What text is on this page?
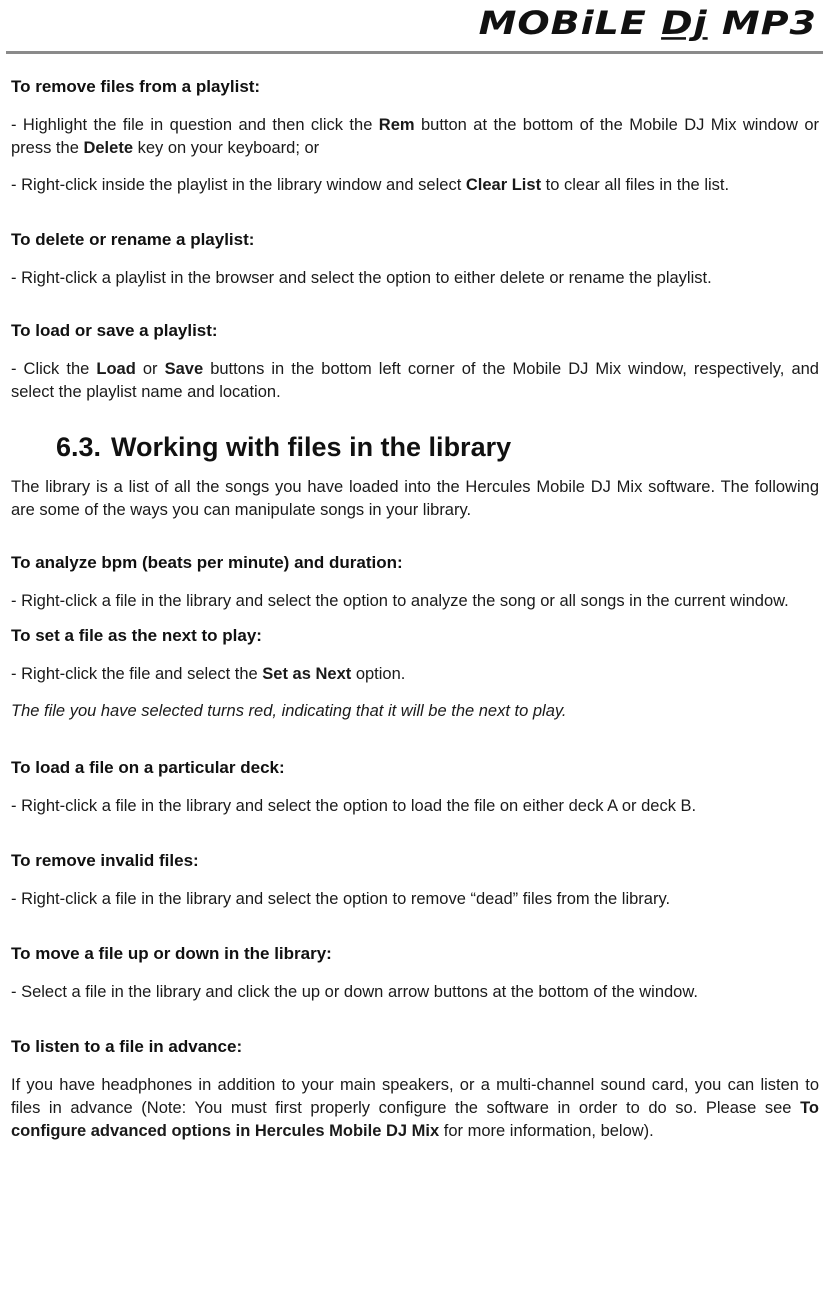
MOBiLE Dj MP3
To remove files from a playlist:

- Highlight the file in question and then click the Rem button at the bottom of the Mobile DJ Mix window or press the Delete key on your keyboard; or

- Right-click inside the playlist in the library window and select Clear List to clear all files in the list.

To delete or rename a playlist:

- Right-click a playlist in the browser and select the option to either delete or rename the playlist.

To load or save a playlist:

- Click the Load or Save buttons in the bottom left corner of the Mobile DJ Mix window, respectively, and select the playlist name and location.

6.3. Working with files in the library

The library is a list of all the songs you have loaded into the Hercules Mobile DJ Mix software. The following are some of the ways you can manipulate songs in your library.

To analyze bpm (beats per minute) and duration:

- Right-click a file in the library and select the option to analyze the song or all songs in the current window.

To set a file as the next to play:

- Right-click the file and select the Set as Next option.

The file you have selected turns red, indicating that it will be the next to play.

To load a file on a particular deck:

- Right-click a file in the library and select the option to load the file on either deck A or deck B.

To remove invalid files:

- Right-click a file in the library and select the option to remove “dead” files from the library.

To move a file up or down in the library:

- Select a file in the library and click the up or down arrow buttons at the bottom of the window.

To listen to a file in advance:

If you have headphones in addition to your main speakers, or a multi-channel sound card, you can listen to files in advance (Note: You must first properly configure the software in order to do so. Please see To configure advanced options in Hercules Mobile DJ Mix for more information, below).
